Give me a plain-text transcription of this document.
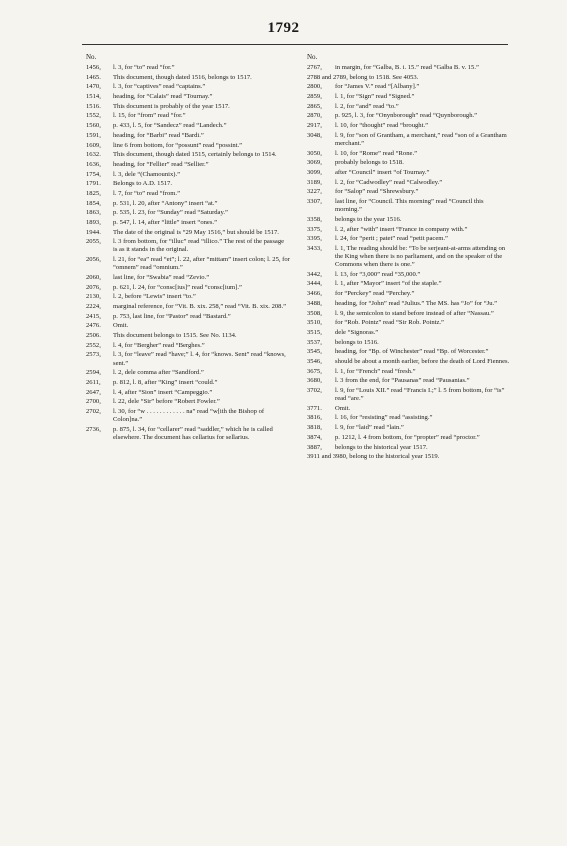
1792
No.
1456,	l. 3, for “to” read “for.”
1465.	This document, though dated 1516, belongs to 1517.
1470,	l. 3, for “captives” read “captains.”
1514,	heading, for “Calais” read “Tournay.”
1516.	This document is probably of the year 1517.
1552,	l. 15, for “from” read “for.”
1560,	p. 433, l. 5, for “Sandecz” read “Landech.”
1591,	heading, for “Barbi” read “Bardi.”
1609,	line 6 from bottom, for “possunt” read “possint.”
1632.	This document, though dated 1515, certainly belongs to 1514.
1636,	heading, for “Fellier” read “Sellier.”
1754,	l. 3, dele “(Chamounix).”
1791.	Belongs to A.D. 1517.
1825,	l. 7, for “to” read “from.”
1854,	p. 531, l. 20, after “Antony” insert “at.”
1863,	p. 535, l. 23, for “Sunday” read “Saturday.”
1893,	p. 547, l. 14, after “little” insert “ones.”
1944.	The date of the original is “29 May 1516,” but should be 1517.
2055,	l. 3 from bottom, for “illuc” read “illico.” The rest of the passage is as it stands in the original.
2056,	l. 21, for “ea” read “et”; l. 22, after “mittam” insert colon; l. 25, for “omnem” read “omnium.”
2060,	last line, for “Swabia” read “Zevio.”
2076,	p. 621, l. 24, for “consc[ius]” read “consc[ium].”
2130,	l. 2, before “Lewis” insert “to.”
2224,	marginal reference, for “Vit. B. xix. 258,” read “Vit. B. xix. 208.”
2415,	p. 753, last line, for “Pastor” read “Bastard.”
2476.	Omit.
2506.	This document belongs to 1515. See No. 1134.
2552,	l. 4, for “Bergher” read “Berghes.”
2573,	l. 3, for “leave” read “have;” l. 4, for “knows. Sent” read “knows, sent.”
2594,	l. 2, dele comma after “Sandford.”
2611,	p. 812, l. 8, after “King” insert “could.”
2647,	l. 4, after “Sion” insert “Campeggio.”
2700,	l. 22, dele “Sir” before “Robert Fowler.”
2702,	l. 30, for “w . . . . . . . . . . . . na” read “w[ith the Bishop of Colon]na.”
2736,	p. 875, l. 34, for “cellarer” read “saddler,” which he is called elsewhere. The document has cellarius for sellarius.
No.
2767,	in margin, for “Galba, B. i. 15.” read “Galba B. v. 15.”
2788 and 2789, belong to 1518. See 4053.
2800,	for “James V.” read “[Albany].”
2859,	l. 1, for “Sign” read “Signed.”
2865,	l. 2, for “and” read “to.”
2870,	p. 925, l. 3, for “Onynborough” read “Quynborough.”
2917,	l. 10, for “thought” read “brought.”
3048,	l. 9, for “son of Grantham, a merchant,” read “son of a Grantham merchant.”
3050,	l. 10, for “Rome” read “Rone.”
3069,	probably belongs to 1518.
3099,	after “Council” insert “of Tournay.”
3189,	l. 2, for “Cadwodley” read “Calwodley.”
3227,	for “Salop” read “Shrewsbury.”
3307,	last line, for “Council. This morning” read “Council this morning.”
3358,	belongs to the year 1516.
3375,	l. 2, after “with” insert “France in company with.”
3395,	l. 24, for “perit ; patet” read “petit pacem.”
3433,	l. 1, The reading should be: “To be serjeant-at-arms attending on the King when there is no parliament, and on the speaker of the Commons when there is one.”
3442,	l. 13, for “3,000” read “35,000.”
3444,	l. 1, after “Mayor” insert “of the staple.”
3466,	for “Perckey” read “Perchey.”
3488,	heading, for “John” read “Julius.” The MS. has “Jo” for “Ju.”
3508,	l. 9, the semicolon to stand before instead of after “Nassau.”
3510,	for “Rob. Pointz” read “Sir Rob. Pointz.”
3515,	dele “Signoras.”
3537,	belongs to 1516.
3545,	heading, for “Bp. of Winchester” read “Bp. of Worcester.”
3546,	should be about a month earlier, before the death of Lord Fiennes.
3675,	l. 1, for “French” read “fresh.”
3680,	l. 3 from the end, for “Pausanas” read “Pausanias.”
3702,	l. 9, for “Louis XII.” read “Francis I.;” l. 5 from bottom, for “is” read “are.”
3771.	Omit.
3816,	l. 16, for “resisting” read “assisting.”
3818,	l. 9, for “laid” read “lain.”
3874,	p. 1212, l. 4 from bottom, for “propter” read “proctor.”
3887,	belongs to the historical year 1517.
3911 and 3980, belong to the historical year 1519.
